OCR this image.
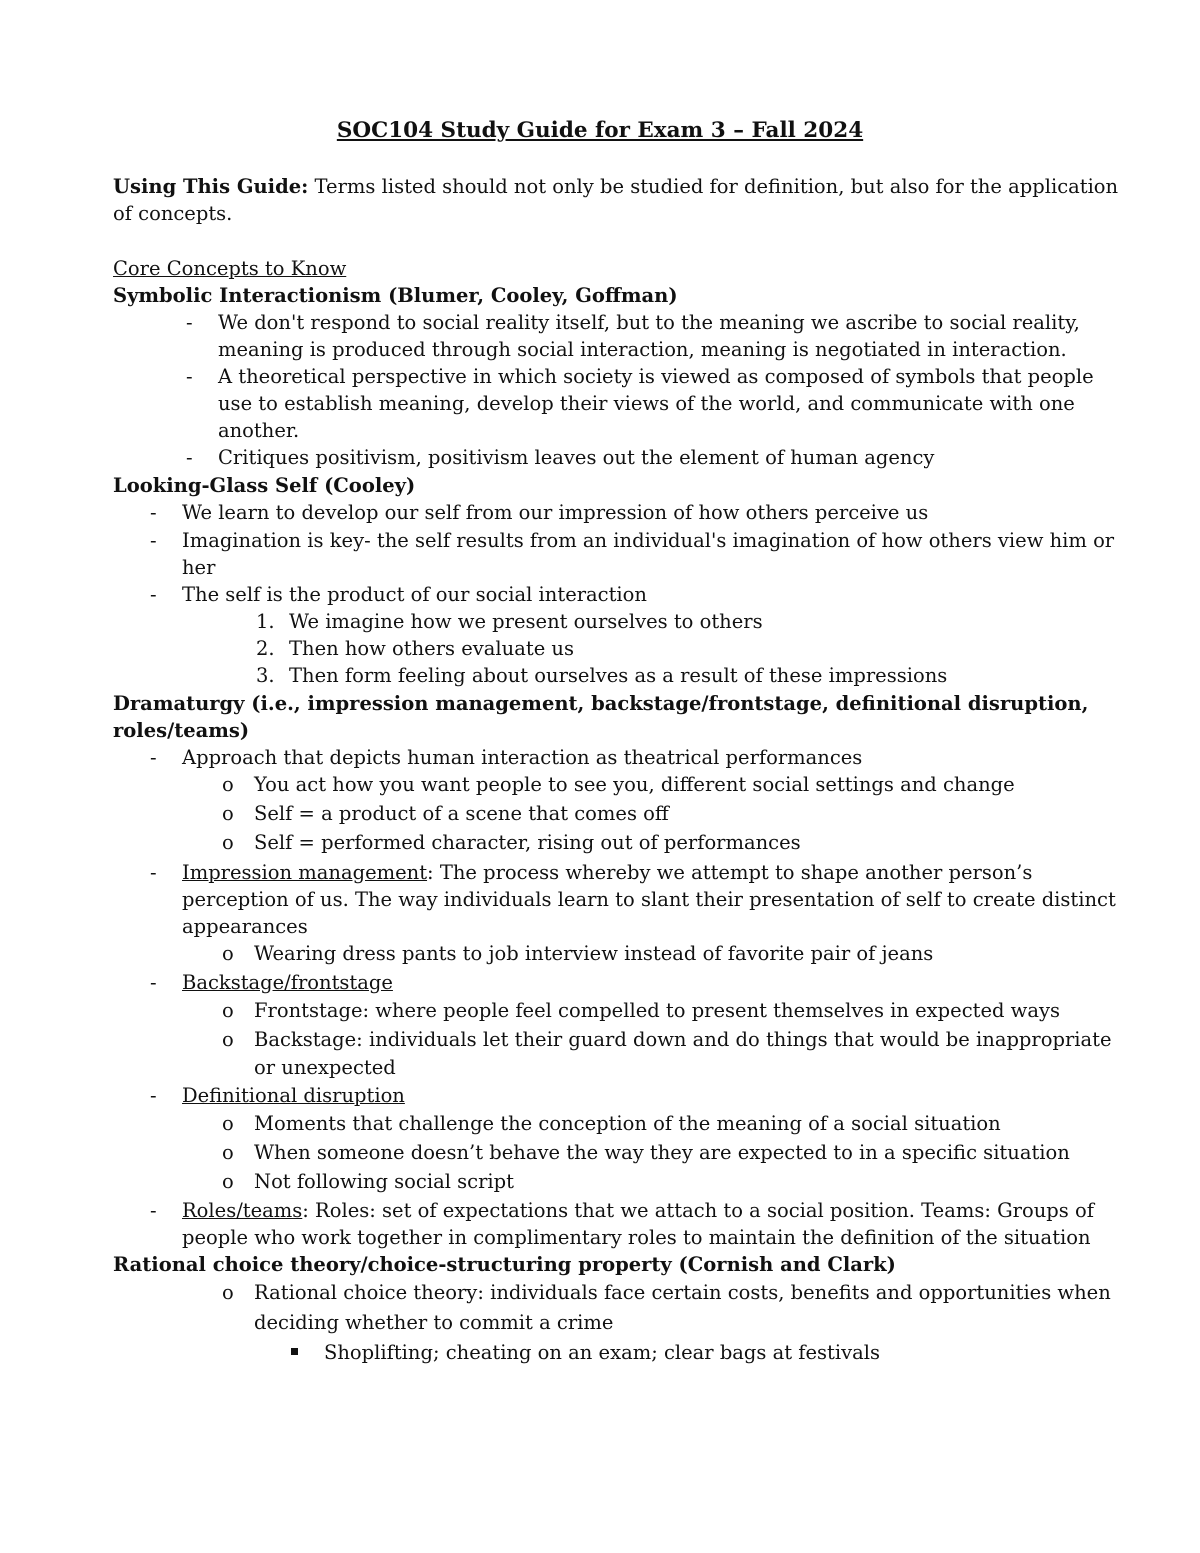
SOC104 Study Guide for Exam 3 – Fall 2024
Using This Guide: Terms listed should not only be studied for definition, but also for the application
of concepts.
Core Concepts to Know
Symbolic Interactionism (Blumer, Cooley, Goffman)
- We don't respond to social reality itself, but to the meaning we ascribe to social reality,
meaning is produced through social interaction, meaning is negotiated in interaction.
- A theoretical perspective in which society is viewed as composed of symbols that people
use to establish meaning, develop their views of the world, and communicate with one
another.
- Critiques positivism, positivism leaves out the element of human agency
Looking-Glass Self (Cooley)
- We learn to develop our self from our impression of how others perceive us
- Imagination is key- the self results from an individual's imagination of how others view him or
her
- The self is the product of our social interaction
1. We imagine how we present ourselves to others
2. Then how others evaluate us
3. Then form feeling about ourselves as a result of these impressions
Dramaturgy (i.e., impression management, backstage/frontstage, definitional disruption,
roles/teams)
- Approach that depicts human interaction as theatrical performances
o You act how you want people to see you, different social settings and change
o Self = a product of a scene that comes off
o Self = performed character, rising out of performances
- Impression management: The process whereby we attempt to shape another person’s
perception of us. The way individuals learn to slant their presentation of self to create distinct
appearances
o Wearing dress pants to job interview instead of favorite pair of jeans
- Backstage/frontstage
o Frontstage: where people feel compelled to present themselves in expected ways
o Backstage: individuals let their guard down and do things that would be inappropriate
or unexpected
- Definitional disruption
o Moments that challenge the conception of the meaning of a social situation
o When someone doesn’t behave the way they are expected to in a specific situation
o Not following social script
- Roles/teams: Roles: set of expectations that we attach to a social position. Teams: Groups of
people who work together in complimentary roles to maintain the definition of the situation
Rational choice theory/choice-structuring property (Cornish and Clark)
o Rational choice theory: individuals face certain costs, benefits and opportunities when
deciding whether to commit a crime
Shoplifting; cheating on an exam; clear bags at festivals
